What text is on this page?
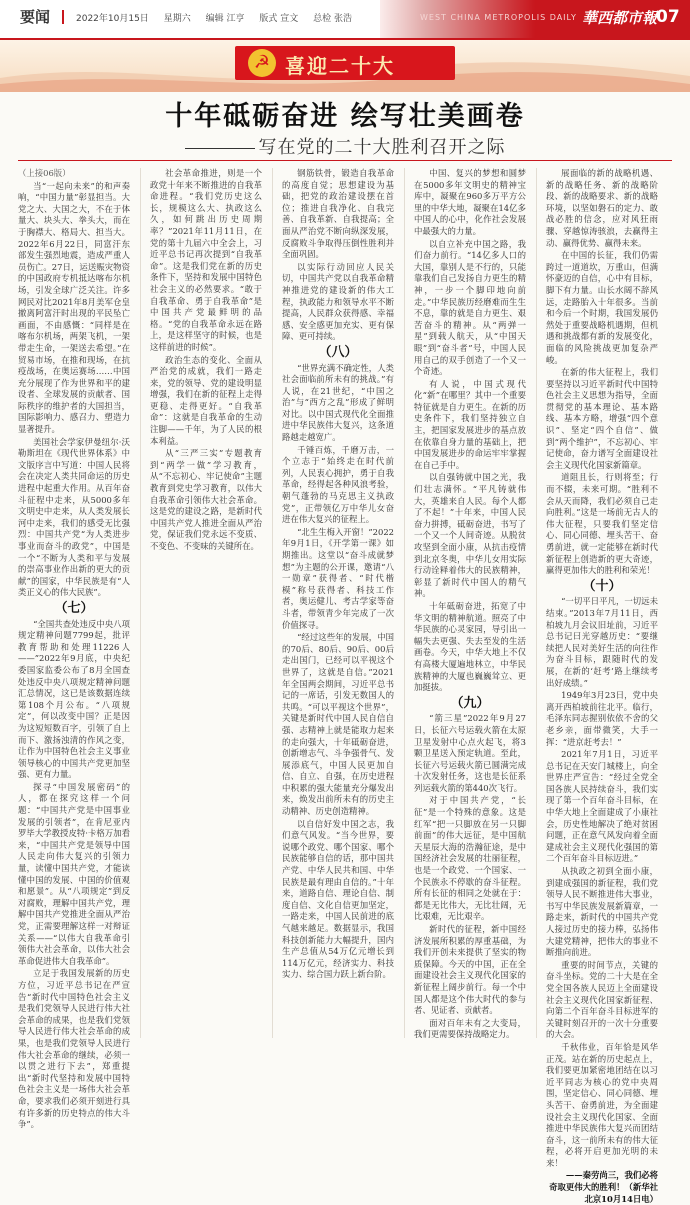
要闻	2022年10月15日 星期六 编辑 江亨 版式 宣文 总检 张浩	WEST CHINA METROPOLIS DAILY 華西都市報
07
☭ 喜迎二十大
十年砥砺奋进 绘写壮美画卷
写在党的二十大胜利召开之际

（上接06版）

当“一起向未来”的和声奏响，“中国力量”彰显担当。大党之大、大国之大，不在于体量大、块头大、拳头大，而在于胸襟大、格局大、担当大。2022年6月22日，同富汗东部发生强烈地震，造成严重人员伤亡。27日，运送赈灾物资的中国政府专机抵达喀布尔机场，引发全球广泛关注。许多网民对比2021年8月美军仓皇撤离阿富汗时出现的平民坠亡画面，不由感慨：“同样是在喀布尔机场，两架飞机，一架带走生命，一架送去希望。”在贸易市场，在推和现场，在抗疫战场，在奥运赛场……中国充分展现了作为世界和平的建设者、全球发展的贡献者、国际秩序的维护者的大国担当，国际影响力、感召力、塑造力显著提升。

美国社会学家伊曼纽尔·沃勒斯坦在《现代世界体系》中文版序言中写道：中国人民将会在决定人类共同命运的历史进程中起重大作用。从百年奋斗征程中走来，从5000多年文明史中走来，从人类发展长河中走来，我们的感受无比强烈：中国共产党“为人类进步事业而奋斗的政党”，中国是一个“不断为人类和平与发展的崇高事业作出新的更大的贡献”的国家，中华民族是有“人类正义心的伟大民族”。

（七）

“全国共查处违反中央八项规定精神问题7799起，批评教育帮助和处理11226人——”2022年9月底，中央纪委国家监委公布了8月全国查处违反中央八项规定精神问题汇总情况，这已是该数据连续第108个月公布。“八项规定”，何以改变中国？正是因为这短短数百字，引领了自上而下、激扬浊清的作风之变，让作为中国特色社会主义事业领导核心的中国共产党更加坚强、更有力量。

探寻“中国发展密码”的人，都在探究这样一个问题：“中国共产党是中国事业发展的引领者”，在肯尼亚内罗毕大学教授皮特·卡格万加看来，“中国共产党是领导中国人民走向伟大复兴的引领力量，读懂中国共产党，才能读懂中国的发展、中国的价值观和愿景”。从“八项规定”到反对腐败，理解中国共产党，理解中国共产党推进全面从严治党，正需要理解这样一对辩证关系——“以伟大自我革命引领伟大社会革命，以伟大社会革命促进伟大自我革命”。

立足于我国发展新的历史方位，习近平总书记在严宣告“新时代中国特色社会主义是我们党领导人民进行伟大社会革命的成果，也是我们党领导人民进行伟大社会革命的成果，也是我们党领导人民进行伟大社会革命的继续，必须一以贯之进行下去”，郑重提出“新时代坚持和发展中国特色社会主义是一场伟大社会革命，要求我们必须开刻进行具有许多新的历史特点的伟大斗争”。

社会革命推进，则是一个政党十年来不断推进的自我革命进程。“我们党历史这么长，规模这么大、执政这么久，如何跳出历史周期率？”2021年11月11日，在党的第十九届六中全会上，习近平总书记再次提到“自我革命”。这是我们党在新的历史条件下，坚持和发展中国特色社会主义的必然要求。“敢于自我革命、勇于自我革命”是中国共产党最鲜明的品格。“党的自我革命永远在路上，是这样坚守的时候，也是这样前进的时候”。

政治生态的变化、全面从严治党的成就，我们一路走来，党的领导、党的建设明显增强，我们在新的征程上走得更稳、走得更好。“自我革命”：这就是自我革命的生动注脚——千年，为了人民的根本利益。

从“三严三实”专题教育到“两学一做”学习教育，从“不忘初心、牢记使命”主题教育到党史学习教育，以伟大自我革命引领伟大社会革命。这是党的建设之路，是新时代中国共产党人推进全面从严治党，保证我们党永远不变质、不变色、不变味的关键所在。

钢筋铁骨，锻造自我革命的高度自觉；思想建设为基础，把党的政治建设摆在首位；推进自我净化、自我完善、自我革新、自我提高；全面从严治党不断向纵深发展，反腐败斗争取得压倒性胜利并全面巩固。

以实际行动回应人民关切，中国共产党以自我革命精神推进党的建设新的伟大工程，执政能力和领导水平不断提高，人民群众获得感、幸福感、安全感更加充实、更有保障、更可持续。

（八）

“世界充满不确定性，人类社会面临前所未有的挑战。”有人说，在21世纪，“中国之治”与“西方之乱”形成了鲜明对比。以中国式现代化全面推进中华民族伟大复兴，这条道路越走越宽广。

千锤百炼，千磨万击，一个立志于“始终走在时代前列，人民衷心拥护，勇于自我革命，经得起各种风浪考验，朝气蓬勃的马克思主义执政党”，正带领亿万中华儿女奋进在伟大复兴的征程上。

“北生生梅入开窗！”2022年9月1日，《开学第一课》如期推出。这堂以“奋斗成就梦想”为主题的公开课，邀请“八一勋章”获得者、“时代楷模”称号获得者、科技工作者，奥运健儿、考古学家等奋斗者，带领青少年完成了一次价值探寻。

“经过这些年的发展，中国的70后、80后、90后、00后走出国门，已经可以平视这个世界了，这就是自信。”2021年全国两会期间，习近平总书记的一席话，引发无数国人的共鸣。“可以平视这个世界”，关键是新时代中国人民自信自强、志精神上就是能取力起来的走向强大，十年砥砺奋进，创新增志气、斗争强骨气、发展添底气，中国人民更加自信、自立、自强，在历史进程中积累的强大能量充分爆发出来，焕发出前所未有的历史主动精神、历史创造精神。

以自信好发中国之志，我们意气风发。“当今世界，要说哪个政党、哪个国家、哪个民族能够自信的话，那中国共产党、中华人民共和国、中华民族是最有理由自信的。”十年来，道路自信、理论自信、制度自信、文化自信更加坚定，一路走来，中国人民前进的底气越来越足。数据显示，我国科技创新能力大幅提升，国内生产总值从54万亿元增长到114万亿元，经济实力、科技实力、综合国力跃上新台阶。

中国、复兴的梦想和圆梦在5000多年文明史的精神宝库中，凝聚在960多万平方公里的中华大地，凝聚在14亿多中国人的心中，化作社会发展中最强大的力量。

以自立补充中国之路，我们奋力前行。“14亿多人口的大国，靠别人是不行的，只能靠我们自己发扬自力更生的精神，一步一个脚印地向前走。”中华民族历经磨难而生生不息，靠的就是自力更生、艰苦奋斗的精神。从“两弹一星”到载人航天，从“中国天眼”到“奋斗者”号，中国人民用自己的双手创造了一个又一个奇迹。

有人说，中国式现代化“新”在哪里？其中一个重要特征就是自力更生。在新的历史条件下，我们坚持独立自主，把国家发展进步的基点放在依靠自身力量的基础上，把中国发展进步的命运牢牢掌握在自己手中。

以自强铸就中国之光，我们壮志满怀。“平凡铸就伟大，英雄来自人民。每个人都了不起！”十年来，中国人民奋力拼搏，砥砺奋进，书写了一个又一个人间奇迹。从脱贫攻坚到全面小康，从抗击疫情到北京冬奥，中华儿女用实际行动诠释着伟大的民族精神，彰显了新时代中国人的精气神。

十年砥砺奋进，拓宽了中华文明的精神航道。照亮了中华民族的心灵家园，导引出一幅失去更强、失去至发的生活画卷。今天，中华大地上不仅有高楼大厦遍地林立，中华民族精神的大厦也巍巍耸立、更加挺拔。

（九）

“箭三星”2022年9月27日，长征六号运载火箭在太原卫星发射中心点火起飞，将3颗卫星送入预定轨道。至此，长征六号运载火箭已圆满完成十次发射任务，这也是长征系列运载火箭的第440次飞行。

对于中国共产党，“长征”是一个特殊的意象。这是红军“把一只脚放在另一只脚前面”的伟大远征，是中国航天星辰大海的浩瀚征途，是中国经济社会发展的壮丽征程，也是一个政党、一个国家、一个民族永不停歇的奋斗征程。所有长征的相同之处就在于：都是无比伟大，无比壮阔，无比艰难，无比艰辛。

新时代的征程，新中国经济发展所积累的厚重基础，为我们开创未来提供了坚实的物质保障。今天的中国，正在全面建设社会主义现代化国家的新征程上阔步前行。每一个中国人都是这个伟大时代的参与者、见证者、贡献者。

面对百年未有之大变局，我们更需要保持战略定力。

展面临的新的战略机遇、新的战略任务、新的战略阶段、新的战略要求、新的战略环境，以坚如磐石的定力、敢战必胜的信念，应对风狂雨骤、穿越惊涛骇浪，去赢得主动、赢得优势、赢得未来。

在中国的长征，我们仍需跨过一道道坎，万重山，但满怀豪迈的自信，心中有目标，脚下有力量。山长水阔不辞风远，走路胎入十年很多。当前和今后一个时期，我国发展仍然处于重要战略机遇期，但机遇和挑战都有新的发展变化，面临的风险挑战更加复杂严峻。

在新的伟大征程上，我们要坚持以习近平新时代中国特色社会主义思想为指导，全面贯彻党的基本理论、基本路线、基本方略，增强“四个意识”、坚定“四个自信”、做到“两个维护”，不忘初心、牢记使命，奋力谱写全面建设社会主义现代化国家新篇章。

道阻且长，行则将至；行而不辍，未来可期。“胜利不会从天而降，我们必须自己走向胜利。”这是一场前无古人的伟大征程，只要我们坚定信心、同心同德、埋头苦干、奋勇前进，就一定能够在新时代新征程上创造新的更大奇迹，赢得更加伟大的胜利和荣光！

（十）

“一切平日平凡，一切远未结束。”2013年7月11日，西柏坡九月会议旧址前，习近平总书记曰光穿越历史：“要继续把人民对美好生活的向往作为奋斗目标，跟随时代的发展，在新的‘赶考’路上继续考出好成绩。”

1949年3月23日，党中央离开西柏坡前往北平。临行，毛泽东同志握别依依不舍的父老乡亲，面带微笑，大手一挥：“进京赶考去！”

2021年7月1日，习近平总书记在天安门城楼上，向全世界庄严宣告：“经过全党全国各族人民持续奋斗，我们实现了第一个百年奋斗目标，在中华大地上全面建成了小康社会，历史性地解决了绝对贫困问题，正在意气风发向着全面建成社会主义现代化强国的第二个百年奋斗目标迈进。”

从执政之初到全面小康，到建成强国的新征程，我们党领导人民不断推进伟大事业，书写中华民族发展新篇章，一路走来，新时代的中国共产党人接过历史的接力棒，弘扬伟大建党精神，把伟大的事业不断推向前进。

重要的时间节点，关键的奋斗坐标。党的二十大是在全党全国各族人民迈上全面建设社会主义现代化国家新征程、向第二个百年奋斗目标进军的关键时刻召开的一次十分重要的大会。

千秋伟业，百年恰是风华正茂。站在新的历史起点上，我们要更加紧密地团结在以习近平同志为核心的党中央周围，坚定信心、同心同德、埋头苦干、奋勇前进，为全面建设社会主义现代化国家、全面推进中华民族伟大复兴而团结奋斗，这一前所未有的伟大征程，必将开启更加光明的未来！

——秦劳尚三，我们必将奇取更伟大的胜利！（新华社北京10月14日电）
